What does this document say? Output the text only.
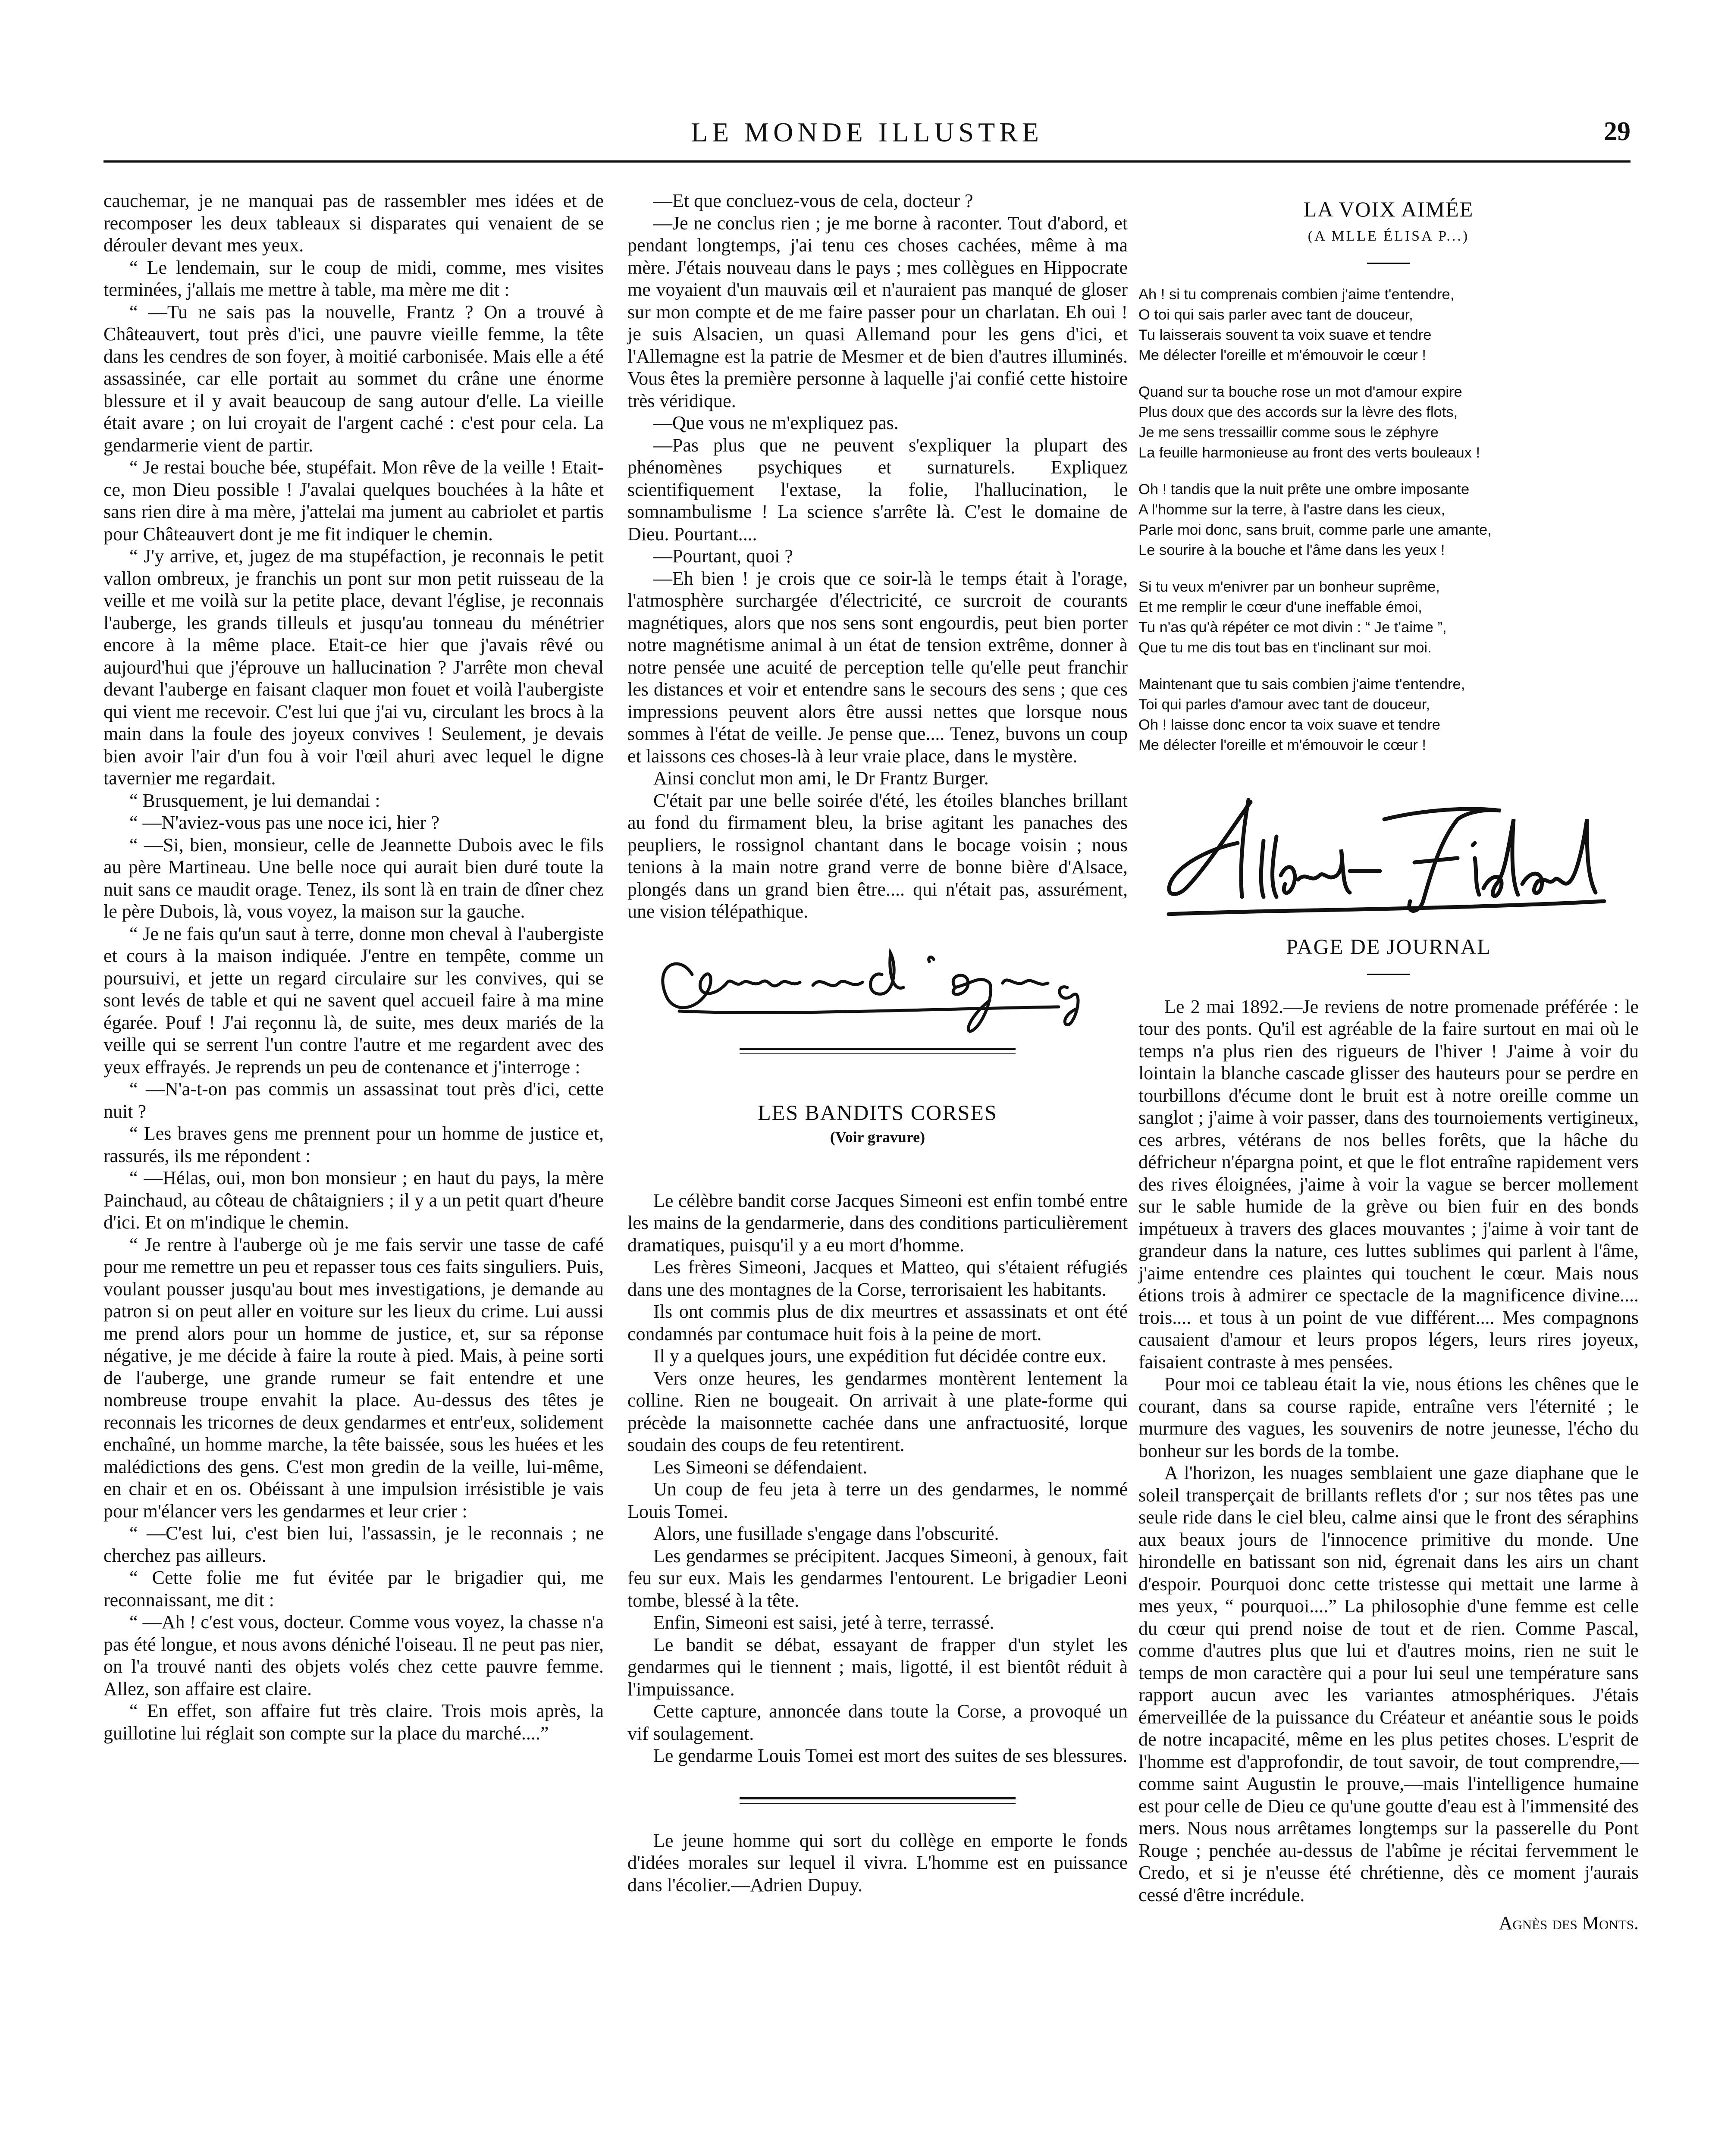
LE MONDE ILLUSTRE	29

cauchemar, je ne manquai pas de rassembler mes idées et de recomposer les deux tableaux si disparates qui venaient de se dérouler devant mes yeux.

“ Le lendemain, sur le coup de midi, comme, mes visites terminées, j'allais me mettre à table, ma mère me dit :

“ —Tu ne sais pas la nouvelle, Frantz ? On a trouvé à Châteauvert, tout près d'ici, une pauvre vieille femme, la tête dans les cendres de son foyer, à moitié carbonisée. Mais elle a été assassinée, car elle portait au sommet du crâne une énorme blessure et il y avait beaucoup de sang autour d'elle. La vieille était avare ; on lui croyait de l'argent caché : c'est pour cela. La gendarmerie vient de partir.

“ Je restai bouche bée, stupéfait. Mon rêve de la veille ! Etait-ce, mon Dieu possible ! J'avalai quelques bouchées à la hâte et sans rien dire à ma mère, j'attelai ma jument au cabriolet et partis pour Châteauvert dont je me fit indiquer le chemin.

“ J'y arrive, et, jugez de ma stupéfaction, je reconnais le petit vallon ombreux, je franchis un pont sur mon petit ruisseau de la veille et me voilà sur la petite place, devant l'église, je reconnais l'auberge, les grands tilleuls et jusqu'au tonneau du ménétrier encore à la même place. Etait-ce hier que j'avais rêvé ou aujourd'hui que j'éprouve un hallucination ? J'arrête mon cheval devant l'auberge en faisant claquer mon fouet et voilà l'aubergiste qui vient me recevoir. C'est lui que j'ai vu, circulant les brocs à la main dans la foule des joyeux convives ! Seulement, je devais bien avoir l'air d'un fou à voir l'œil ahuri avec lequel le digne tavernier me regardait.

“ Brusquement, je lui demandai :

“ —N'aviez-vous pas une noce ici, hier ?

“ —Si, bien, monsieur, celle de Jeannette Dubois avec le fils au père Martineau. Une belle noce qui aurait bien duré toute la nuit sans ce maudit orage. Tenez, ils sont là en train de dîner chez le père Dubois, là, vous voyez, la maison sur la gauche.

“ Je ne fais qu'un saut à terre, donne mon cheval à l'aubergiste et cours à la maison indiquée. J'entre en tempête, comme un poursuivi, et jette un regard circulaire sur les convives, qui se sont levés de table et qui ne savent quel accueil faire à ma mine égarée. Pouf ! J'ai reçonnu là, de suite, mes deux mariés de la veille qui se serrent l'un contre l'autre et me regardent avec des yeux effrayés. Je reprends un peu de contenance et j'interroge :

“ —N'a-t-on pas commis un assassinat tout près d'ici, cette nuit ?

“ Les braves gens me prennent pour un homme de justice et, rassurés, ils me répondent :

“ —Hélas, oui, mon bon monsieur ; en haut du pays, la mère Painchaud, au côteau de châtaigniers ; il y a un petit quart d'heure d'ici. Et on m'indique le chemin.

“ Je rentre à l'auberge où je me fais servir une tasse de café pour me remettre un peu et repasser tous ces faits singuliers. Puis, voulant pousser jusqu'au bout mes investigations, je demande au patron si on peut aller en voiture sur les lieux du crime. Lui aussi me prend alors pour un homme de justice, et, sur sa réponse négative, je me décide à faire la route à pied. Mais, à peine sorti de l'auberge, une grande rumeur se fait entendre et une nombreuse troupe envahit la place. Au-dessus des têtes je reconnais les tricornes de deux gendarmes et entr'eux, solidement enchaîné, un homme marche, la tête baissée, sous les huées et les malédictions des gens. C'est mon gredin de la veille, lui-même, en chair et en os. Obéissant à une impulsion irrésistible je vais pour m'élancer vers les gendarmes et leur crier :

“ —C'est lui, c'est bien lui, l'assassin, je le reconnais ; ne cherchez pas ailleurs.

“ Cette folie me fut évitée par le brigadier qui, me reconnaissant, me dit :

“ —Ah ! c'est vous, docteur. Comme vous voyez, la chasse n'a pas été longue, et nous avons déniché l'oiseau. Il ne peut pas nier, on l'a trouvé nanti des objets volés chez cette pauvre femme. Allez, son affaire est claire.

“ En effet, son affaire fut très claire. Trois mois après, la guillotine lui réglait son compte sur la place du marché....”

—Et que concluez-vous de cela, docteur ?

—Je ne conclus rien ; je me borne à raconter. Tout d'abord, et pendant longtemps, j'ai tenu ces choses cachées, même à ma mère. J'étais nouveau dans le pays ; mes collègues en Hippocrate me voyaient d'un mauvais œil et n'auraient pas manqué de gloser sur mon compte et de me faire passer pour un charlatan. Eh oui ! je suis Alsacien, un quasi Allemand pour les gens d'ici, et l'Allemagne est la patrie de Mesmer et de bien d'autres illuminés. Vous êtes la première personne à laquelle j'ai confié cette histoire très véridique.

—Que vous ne m'expliquez pas.

—Pas plus que ne peuvent s'expliquer la plupart des phénomènes psychiques et surnaturels. Expliquez scientifiquement l'extase, la folie, l'hallucination, le somnambulisme ! La science s'arrête là. C'est le domaine de Dieu. Pourtant....

—Pourtant, quoi ?

—Eh bien ! je crois que ce soir-là le temps était à l'orage, l'atmosphère surchargée d'électricité, ce surcroit de courants magnétiques, alors que nos sens sont engourdis, peut bien porter notre magnétisme animal à un état de tension extrême, donner à notre pensée une acuité de perception telle qu'elle peut franchir les distances et voir et entendre sans le secours des sens ; que ces impressions peuvent alors être aussi nettes que lorsque nous sommes à l'état de veille. Je pense que.... Tenez, buvons un coup et laissons ces choses-là à leur vraie place, dans le mystère.

Ainsi conclut mon ami, le Dr Frantz Burger.

C'était par une belle soirée d'été, les étoiles blanches brillant au fond du firmament bleu, la brise agitant les panaches des peupliers, le rossignol chantant dans le bocage voisin ; nous tenions à la main notre grand verre de bonne bière d'Alsace, plongés dans un grand bien être.... qui n'était pas, assurément, une vision télépathique.

LES BANDITS CORSES
(Voir gravure)

Le célèbre bandit corse Jacques Simeoni est enfin tombé entre les mains de la gendarmerie, dans des conditions particulièrement dramatiques, puisqu'il y a eu mort d'homme.

Les frères Simeoni, Jacques et Matteo, qui s'étaient réfugiés dans une des montagnes de la Corse, terrorisaient les habitants.

Ils ont commis plus de dix meurtres et assassinats et ont été condamnés par contumace huit fois à la peine de mort.

Il y a quelques jours, une expédition fut décidée contre eux.

Vers onze heures, les gendarmes montèrent lentement la colline. Rien ne bougeait. On arrivait à une plate-forme qui précède la maisonnette cachée dans une anfractuosité, lorque soudain des coups de feu retentirent.

Les Simeoni se défendaient.

Un coup de feu jeta à terre un des gendarmes, le nommé Louis Tomei.

Alors, une fusillade s'engage dans l'obscurité.

Les gendarmes se précipitent. Jacques Simeoni, à genoux, fait feu sur eux. Mais les gendarmes l'entourent. Le brigadier Leoni tombe, blessé à la tête.

Enfin, Simeoni est saisi, jeté à terre, terrassé.

Le bandit se débat, essayant de frapper d'un stylet les gendarmes qui le tiennent ; mais, ligotté, il est bientôt réduit à l'impuissance.

Cette capture, annoncée dans toute la Corse, a provoqué un vif soulagement.

Le gendarme Louis Tomei est mort des suites de ses blessures.

Le jeune homme qui sort du collège en emporte le fonds d'idées morales sur lequel il vivra. L'homme est en puissance dans l'écolier.—Adrien Dupuy.

LA VOIX AIMÉE
(A MLLE ÉLISA P...)
Ah ! si tu comprenais combien j'aime t'entendre,
O toi qui sais parler avec tant de douceur,
Tu laisserais souvent ta voix suave et tendre
Me délecter l'oreille et m'émouvoir le cœur !
Quand sur ta bouche rose un mot d'amour expire
Plus doux que des accords sur la lèvre des flots,
Je me sens tressaillir comme sous le zéphyre
La feuille harmonieuse au front des verts bouleaux !
Oh ! tandis que la nuit prête une ombre imposante
A l'homme sur la terre, à l'astre dans les cieux,
Parle moi donc, sans bruit, comme parle une amante,
Le sourire à la bouche et l'âme dans les yeux !
Si tu veux m'enivrer par un bonheur suprême,
Et me remplir le cœur d'une ineffable émoi,
Tu n'as qu'à répéter ce mot divin : “ Je t'aime ”,
Que tu me dis tout bas en t'inclinant sur moi.
Maintenant que tu sais combien j'aime t'entendre,
Toi qui parles d'amour avec tant de douceur,
Oh ! laisse donc encor ta voix suave et tendre
Me délecter l'oreille et m'émouvoir le cœur !
PAGE DE JOURNAL

Le 2 mai 1892.—Je reviens de notre promenade préférée : le tour des ponts. Qu'il est agréable de la faire surtout en mai où le temps n'a plus rien des rigueurs de l'hiver ! J'aime à voir du lointain la blanche cascade glisser des hauteurs pour se perdre en tourbillons d'écume dont le bruit est à notre oreille comme un sanglot ; j'aime à voir passer, dans des tournoiements vertigineux, ces arbres, vétérans de nos belles forêts, que la hâche du défricheur n'épargna point, et que le flot entraîne rapidement vers des rives éloignées, j'aime à voir la vague se bercer mollement sur le sable humide de la grève ou bien fuir en des bonds impétueux à travers des glaces mouvantes ; j'aime à voir tant de grandeur dans la nature, ces luttes sublimes qui parlent à l'âme, j'aime entendre ces plaintes qui touchent le cœur. Mais nous étions trois à admirer ce spectacle de la magnificence divine.... trois.... et tous à un point de vue différent.... Mes compagnons causaient d'amour et leurs propos légers, leurs rires joyeux, faisaient contraste à mes pensées.

Pour moi ce tableau était la vie, nous étions les chênes que le courant, dans sa course rapide, entraîne vers l'éternité ; le murmure des vagues, les souvenirs de notre jeunesse, l'écho du bonheur sur les bords de la tombe.

A l'horizon, les nuages semblaient une gaze diaphane que le soleil transperçait de brillants reflets d'or ; sur nos têtes pas une seule ride dans le ciel bleu, calme ainsi que le front des séraphins aux beaux jours de l'innocence primitive du monde. Une hirondelle en batissant son nid, égrenait dans les airs un chant d'espoir. Pourquoi donc cette tristesse qui mettait une larme à mes yeux, “ pourquoi....” La philosophie d'une femme est celle du cœur qui prend noise de tout et de rien. Comme Pascal, comme d'autres plus que lui et d'autres moins, rien ne suit le temps de mon caractère qui a pour lui seul une température sans rapport aucun avec les variantes atmosphériques. J'étais émerveillée de la puissance du Créateur et anéantie sous le poids de notre incapacité, même en les plus petites choses. L'esprit de l'homme est d'approfondir, de tout savoir, de tout comprendre,—comme saint Augustin le prouve,—mais l'intelligence humaine est pour celle de Dieu ce qu'une goutte d'eau est à l'immensité des mers. Nous nous arrêtames longtemps sur la passerelle du Pont Rouge ; penchée au-dessus de l'abîme je récitai fervemment le Credo, et si je n'eusse été chrétienne, dès ce moment j'aurais cessé d'être incrédule.

Agnès des Monts.
